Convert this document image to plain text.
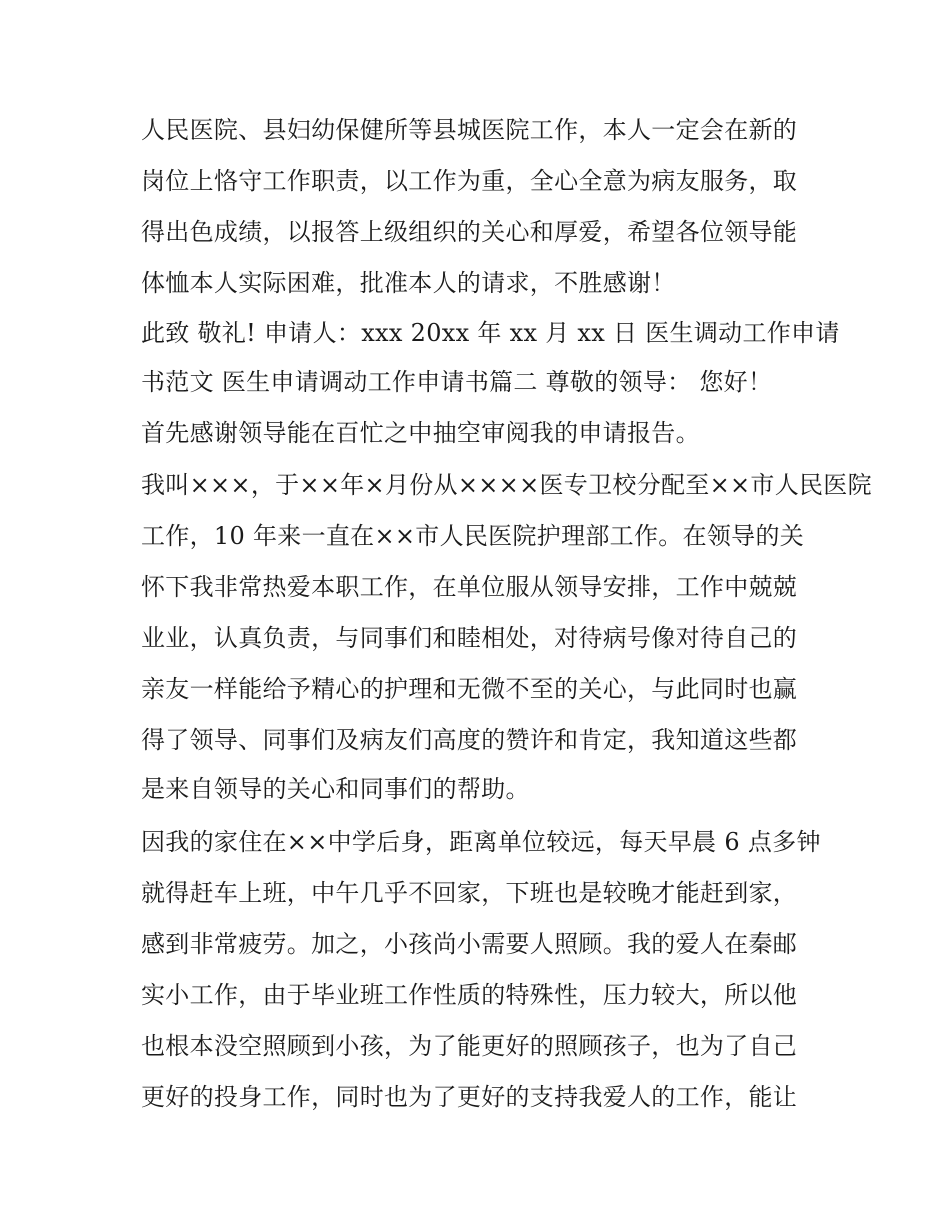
人民医院、县妇幼保健所等县城医院工作，本人一定会在新的
岗位上恪守工作职责，以工作为重，全心全意为病友服务，取
得出色成绩，以报答上级组织的关心和厚爱，希望各位领导能
体恤本人实际困难，批准本人的请求，不胜感谢！
此致 敬礼! 申请人：xxx 20xx 年 xx 月 xx 日 医生调动工作申请
书范文 医生申请调动工作申请书篇二 尊敬的领导： 您好！
首先感谢领导能在百忙之中抽空审阅我的申请报告。
我叫×××，于××年×月份从××××医专卫校分配至××市人民医院
工作，10 年来一直在××市人民医院护理部工作。在领导的关
怀下我非常热爱本职工作，在单位服从领导安排，工作中兢兢
业业，认真负责，与同事们和睦相处，对待病号像对待自己的
亲友一样能给予精心的护理和无微不至的关心，与此同时也赢
得了领导、同事们及病友们高度的赞许和肯定，我知道这些都
是来自领导的关心和同事们的帮助。
因我的家住在××中学后身，距离单位较远，每天早晨 6 点多钟
就得赶车上班，中午几乎不回家，下班也是较晚才能赶到家，
感到非常疲劳。加之，小孩尚小需要人照顾。我的爱人在秦邮
实小工作，由于毕业班工作性质的特殊性，压力较大，所以他
也根本没空照顾到小孩，为了能更好的照顾孩子，也为了自己
更好的投身工作，同时也为了更好的支持我爱人的工作，能让
